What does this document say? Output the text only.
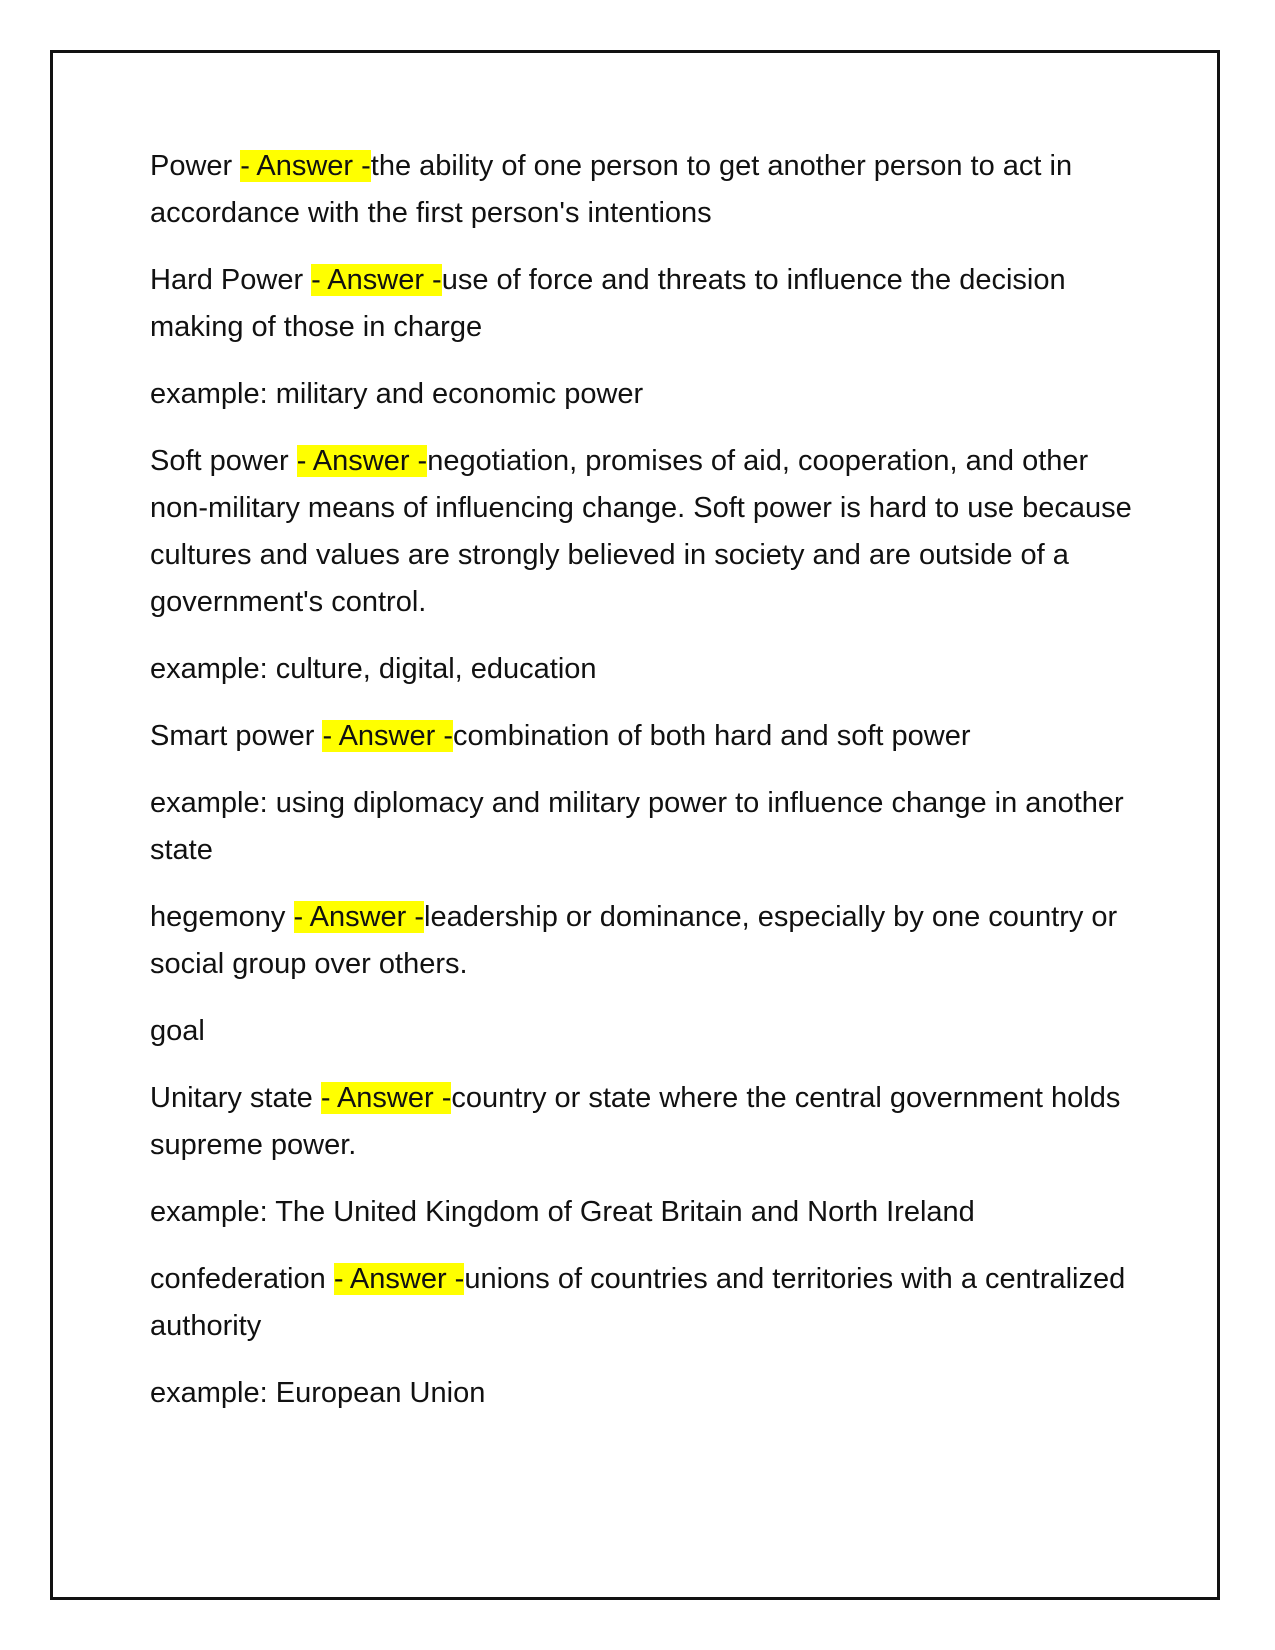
Power - Answer -the ability of one person to get another person to act in accordance with the first person's intentions

Hard Power - Answer -use of force and threats to influence the decision making of those in charge

example: military and economic power

Soft power - Answer -negotiation, promises of aid, cooperation, and other non-military means of influencing change. Soft power is hard to use because cultures and values are strongly believed in society and are outside of a government's control.

example: culture, digital, education

Smart power - Answer -combination of both hard and soft power

example: using diplomacy and military power to influence change in another state

hegemony - Answer -leadership or dominance, especially by one country or social group over others.

goal

Unitary state - Answer -country or state where the central government holds supreme power.

example: The United Kingdom of Great Britain and North Ireland

confederation - Answer -unions of countries and territories with a centralized authority

example: European Union
